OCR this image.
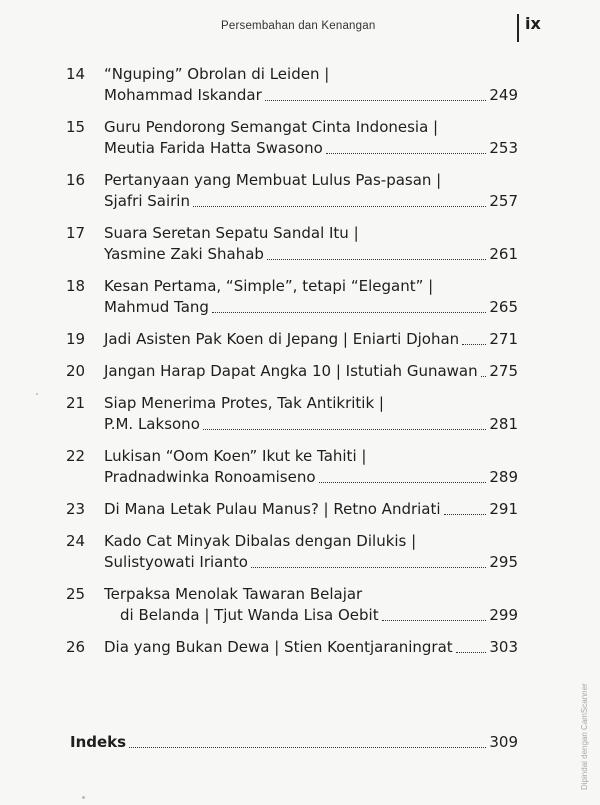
Persembahan dan Kenangan	ix
14	“Nguping” Obrolan di Leiden |
Mohammad Iskandar	249
15	Guru Pendorong Semangat Cinta Indonesia |
Meutia Farida Hatta Swasono	253
16	Pertanyaan yang Membuat Lulus Pas-pasan |
Sjafri Sairin	257
17	Suara Seretan Sepatu Sandal Itu |
Yasmine Zaki Shahab	261
18	Kesan Pertama, “Simple”, tetapi “Elegant” |
Mahmud Tang	265
19	Jadi Asisten Pak Koen di Jepang | Eniarti Djohan 271
20	Jangan Harap Dapat Angka 10 | Istutiah Gunawan 275
21	Siap Menerima Protes, Tak Antikritik |
P.M. Laksono	281
22	Lukisan “Oom Koen” Ikut ke Tahiti |
Pradnadwinka Ronoamiseno	289
23	Di Mana Letak Pulau Manus? | Retno Andriati	291
24	Kado Cat Minyak Dibalas dengan Dilukis |
Sulistyowati Irianto	295
25	Terpaksa Menolak Tawaran Belajar
di Belanda | Tjut Wanda Lisa Oebit	299
26	Dia yang Bukan Dewa | Stien Koentjaraningrat 303
Indeks	309	Dipindai dengan CamScanner
